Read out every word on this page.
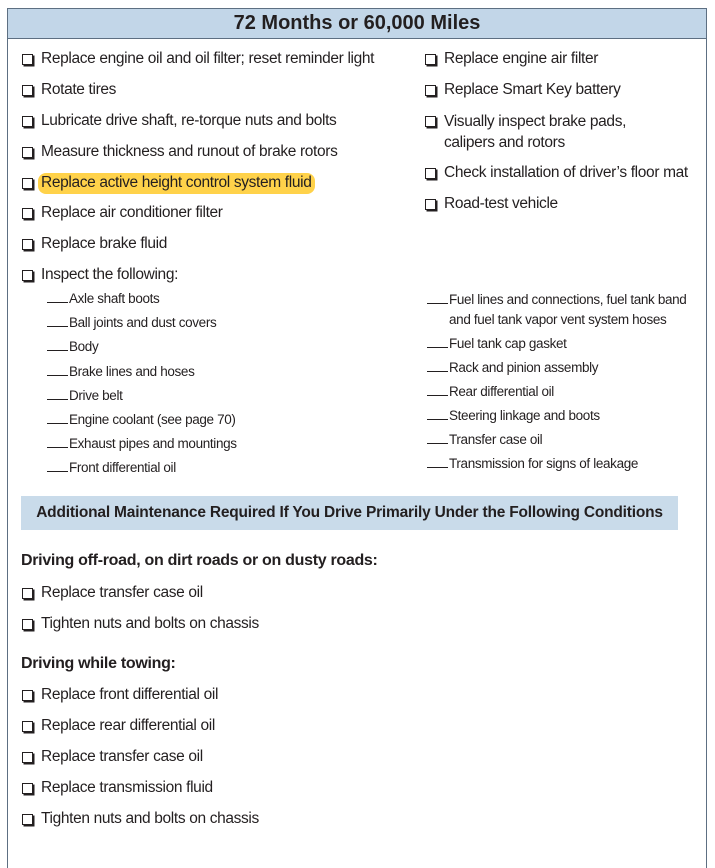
72 Months or 60,000 Miles
Replace engine oil and oil filter; reset reminder light
Rotate tires
Lubricate drive shaft, re-torque nuts and bolts
Measure thickness and runout of brake rotors
Replace active height control system fluid
Replace air conditioner filter
Replace brake fluid
Inspect the following:
Replace engine air filter
Replace Smart Key battery
Visually inspect brake pads, calipers and rotors
Check installation of driver’s floor mat
Road-test vehicle
Axle shaft boots
Ball joints and dust covers
Body
Brake lines and hoses
Drive belt
Engine coolant (see page 70)
Exhaust pipes and mountings
Front differential oil
Fuel lines and connections, fuel tank band and fuel tank vapor vent system hoses
Fuel tank cap gasket
Rack and pinion assembly
Rear differential oil
Steering linkage and boots
Transfer case oil
Transmission for signs of leakage
Additional Maintenance Required If You Drive Primarily Under the Following Conditions
Driving off-road, on dirt roads or on dusty roads:
Replace transfer case oil
Tighten nuts and bolts on chassis
Driving while towing:
Replace front differential oil
Replace rear differential oil
Replace transfer case oil
Replace transmission fluid
Tighten nuts and bolts on chassis
